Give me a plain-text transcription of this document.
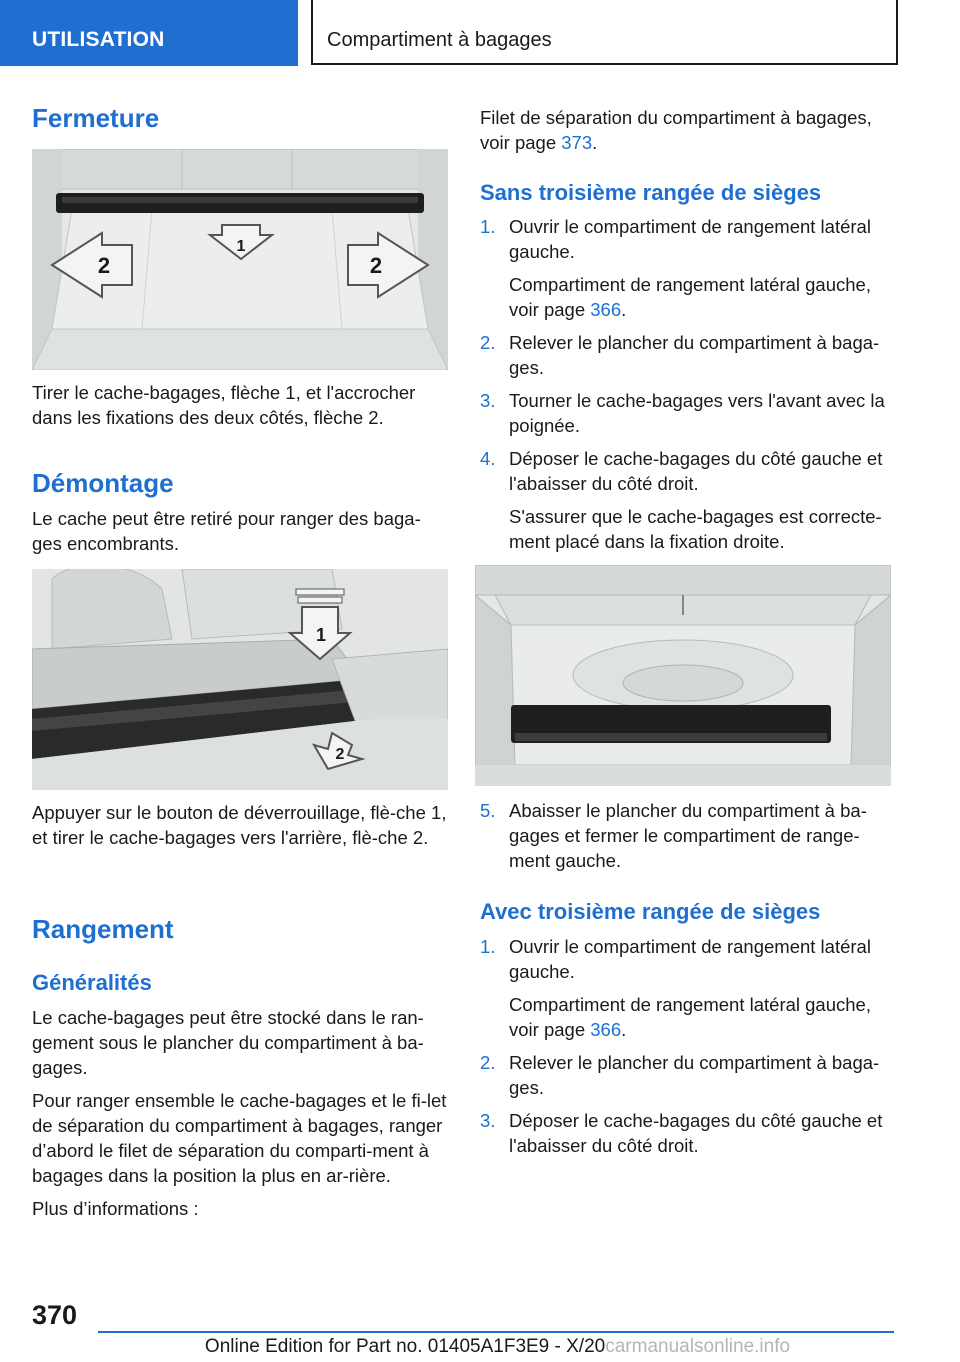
UTILISATION	Compartiment à bagages
Fermeture
1
2	2

Tirer le cache-bagages, flèche 1, et l'accrocher dans les fixations des deux côtés, flèche 2.

Démontage

Le cache peut être retiré pour ranger des baga-ges encombrants.

1
2

Appuyer sur le bouton de déverrouillage, flè-che 1, et tirer le cache-bagages vers l'arrière, flè-che 2.

Rangement
Généralités

Le cache-bagages peut être stocké dans le ran-gement sous le plancher du compartiment à ba-gages.

Pour ranger ensemble le cache-bagages et le fi-let de séparation du compartiment à bagages, ranger d’abord le filet de séparation du comparti-ment à bagages dans la position la plus en ar-rière.

Plus d’informations :

Filet de séparation du compartiment à bagages, voir page 373.

Sans troisième rangée de sièges
1. Ouvrir le compartiment de rangement latéral gauche.

Compartiment de rangement latéral gauche, voir page 366.

2. Relever le plancher du compartiment à baga-ges.

3. Tourner le cache-bagages vers l'avant avec la poignée.

4. Déposer le cache-bagages du côté gauche et l'abaisser du côté droit.

S'assurer que le cache-bagages est correcte-ment placé dans la fixation droite.

5. Abaisser le plancher du compartiment à ba-gages et fermer le compartiment de range-ment gauche.

Avec troisième rangée de sièges
1. Ouvrir le compartiment de rangement latéral gauche.

Compartiment de rangement latéral gauche, voir page 366.

2. Relever le plancher du compartiment à baga-ges.

3. Déposer le cache-bagages du côté gauche et l'abaisser du côté droit.

370
Online Edition for Part no. 01405A1F3E9 - X/20carmanualsonline.info
